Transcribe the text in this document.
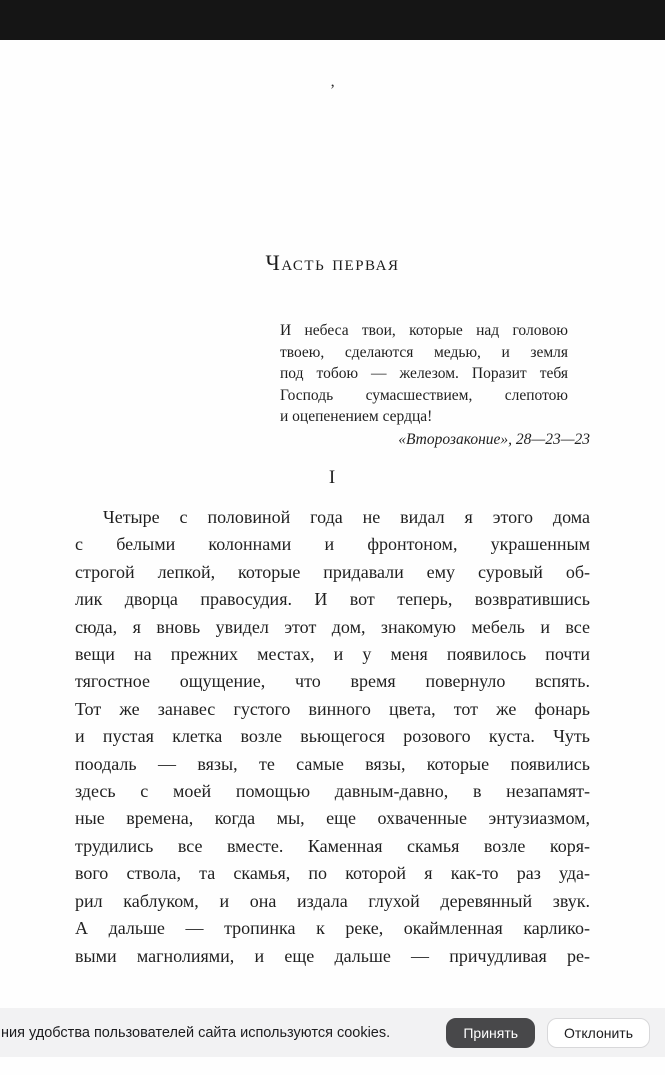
’
Часть первая
И небеса твои, которые над головою
твоею, сделаются медью, и земля
под тобою — железом. Поразит тебя
Господь сумасшествием, слепотою
и оцепенением сердца!
«Второзаконие», 28—23—23
I
Четыре с половиной года не видал я этого дома
с белыми колоннами и фронтоном, украшенным
строгой лепкой, которые придавали ему суровый об-
лик дворца правосудия. И вот теперь, возвратившись
сюда, я вновь увидел этот дом, знакомую мебель и все
вещи на прежних местах, и у меня появилось почти
тягостное ощущение, что время повернуло вспять.
Тот же занавес густого винного цвета, тот же фонарь
и пустая клетка возле вьющегося розового куста. Чуть
поодаль — вязы, те самые вязы, которые появились
здесь с моей помощью давным-давно, в незапамят-
ные времена, когда мы, еще охваченные энтузиазмом,
трудились все вместе. Каменная скамья возле коря-
вого ствола, та скамья, по которой я как-то раз уда-
рил каблуком, и она издала глухой деревянный звук.
А дальше — тропинка к реке, окаймленная карлико-
выми магнолиями, и еще дальше — причудливая ре-
ния удобства пользователей сайта используются cookies.	Принять	Отклонить
